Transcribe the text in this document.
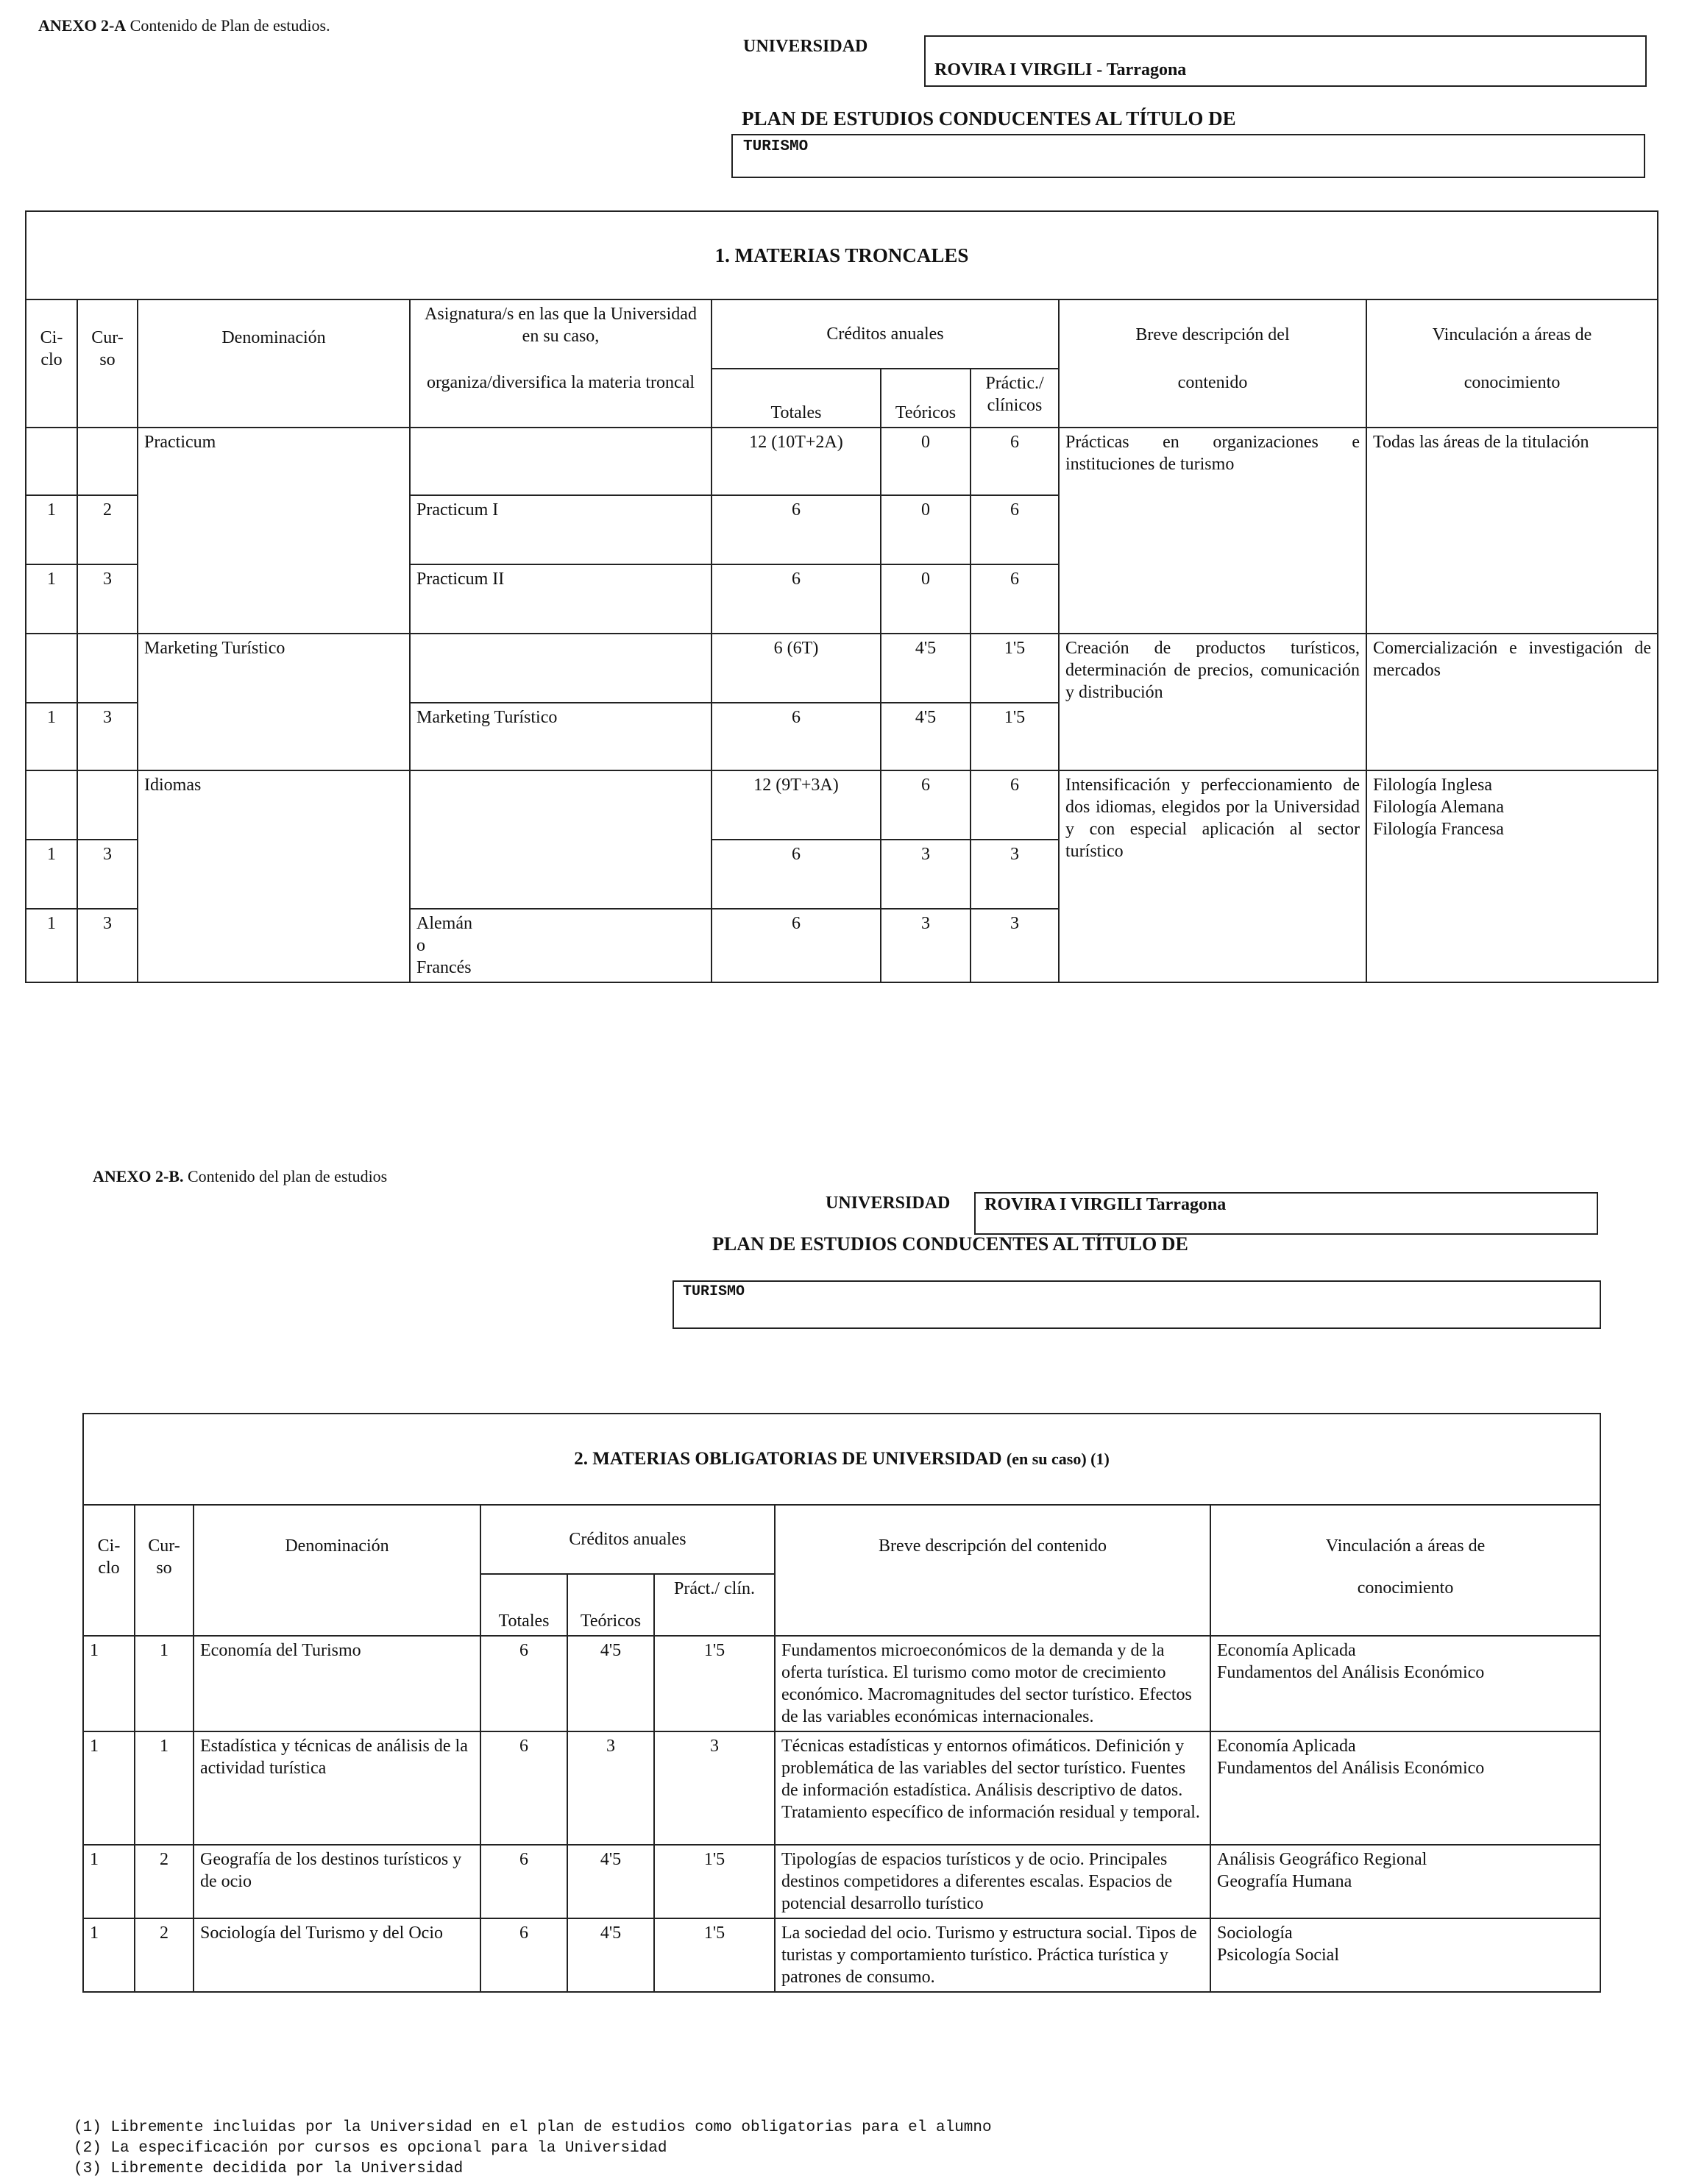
ANEXO 2-A Contenido de Plan de estudios.
UNIVERSIDAD
ROVIRA I VIRGILI - Tarragona
PLAN DE ESTUDIOS CONDUCENTES AL TÍTULO DE
TURISMO
1. MATERIAS TRONCALES								
Ci-clo	Cur-so	Denominación	Asignatura/s en las que la Universidad en su caso,	Créditos anuales			Breve descripción del	Vinculación a áreas de
			organiza/diversifica la materia troncal	Totales	Teóricos	Práctic./ clínicos	contenido	conocimiento
		Practicum		12 (10T+2A)	0	6	Prácticas en organizaciones e instituciones de turismo	Todas las áreas de la titulación
1	2		Practicum I	6	0	6		
1	3		Practicum II	6	0	6		
		Marketing Turístico		6 (6T)	4'5	1'5	Creación de productos turísticos, determinación de precios, comunicación y distribución	Comercialización e investigación de mercados
1	3		Marketing Turístico	6	4'5	1'5		
		Idiomas		12 (9T+3A)	6	6	Intensificación y perfeccionamiento de dos idiomas, elegidos por la Universidad y con especial aplicación al sector turístico	Filología Inglesa
Filología Alemana
Filología Francesa
1	3			6	3	3		
1	3		Alemán
o
Francés	6	3	3		
ANEXO 2-B. Contenido del plan de estudios
UNIVERSIDAD	ROVIRA I VIRGILI Tarragona
PLAN DE ESTUDIOS CONDUCENTES AL TÍTULO DE
TURISMO
2. MATERIAS OBLIGATORIAS DE UNIVERSIDAD (en su caso) (1)							
Ci-clo	Cur-so	Denominación	Créditos anuales			Breve descripción del contenido	Vinculación a áreas de
			Totales	Teóricos	Práct./ clín.		conocimiento
1	1	Economía del Turismo	6	4'5	1'5	Fundamentos microeconómicos de la demanda y de la oferta turística. El turismo como motor de crecimiento económico. Macromagnitudes del sector turístico. Efectos de las variables económicas internacionales.	Economía Aplicada
Fundamentos del Análisis Económico
1	1	Estadística y técnicas de análisis de la actividad turística	6	3	3	Técnicas estadísticas y entornos ofimáticos. Definición y problemática de las variables del sector turístico. Fuentes de información estadística. Análisis descriptivo de datos. Tratamiento específico de información residual y temporal.	Economía Aplicada
Fundamentos del Análisis Económico
1	2	Geografía de los destinos turísticos y de ocio	6	4'5	1'5	Tipologías de espacios turísticos y de ocio. Principales destinos competidores a diferentes escalas. Espacios de potencial desarrollo turístico	Análisis Geográfico Regional
Geografía Humana
1	2	Sociología del Turismo y del Ocio	6	4'5	1'5	La sociedad del ocio. Turismo y estructura social. Tipos de turistas y comportamiento turístico. Práctica turística y patrones de consumo.	Sociología
Psicología Social
(1) Libremente incluidas por la Universidad en el plan de estudios como obligatorias para el alumno
(2) La especificación por cursos es opcional para la Universidad
(3) Libremente decidida por la Universidad
